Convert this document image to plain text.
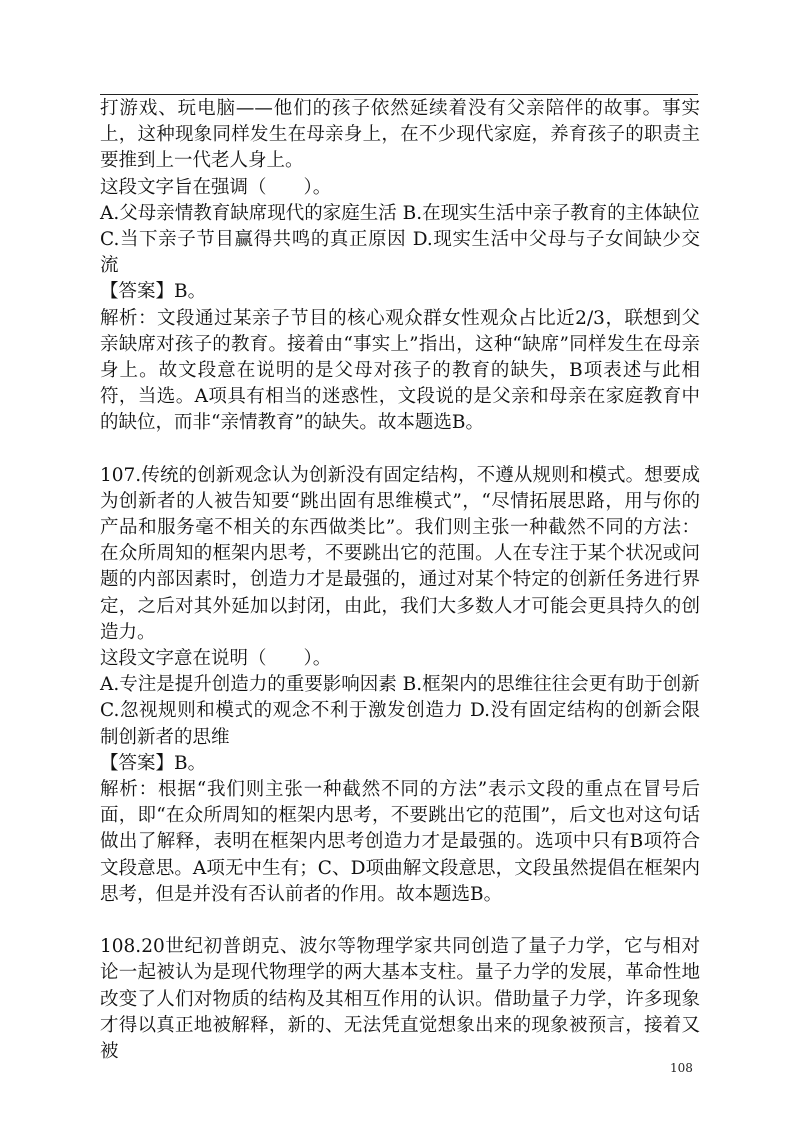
打游戏、玩电脑——他们的孩子依然延续着没有父亲陪伴的故事。事实上，这种现象同样发生在母亲身上，在不少现代家庭，养育孩子的职责主要推到上一代老人身上。

这段文字旨在强调（　　）。

A.父母亲情教育缺席现代的家庭生活 B.在现实生活中亲子教育的主体缺位

C.当下亲子节目赢得共鸣的真正原因 D.现实生活中父母与子女间缺少交流

【答案】B。

解析：文段通过某亲子节目的核心观众群女性观众占比近2/3，联想到父亲缺席对孩子的教育。接着由“事实上”指出，这种“缺席”同样发生在母亲身上。故文段意在说明的是父母对孩子的教育的缺失，B项表述与此相符，当选。A项具有相当的迷惑性，文段说的是父亲和母亲在家庭教育中的缺位，而非“亲情教育”的缺失。故本题选B。

107.传统的创新观念认为创新没有固定结构，不遵从规则和模式。想要成为创新者的人被告知要“跳出固有思维模式”，“尽情拓展思路，用与你的产品和服务毫不相关的东西做类比”。我们则主张一种截然不同的方法：在众所周知的框架内思考，不要跳出它的范围。人在专注于某个状况或问题的内部因素时，创造力才是最强的，通过对某个特定的创新任务进行界定，之后对其外延加以封闭，由此，我们大多数人才可能会更具持久的创造力。

这段文字意在说明（　　）。

A.专注是提升创造力的重要影响因素 B.框架内的思维往往会更有助于创新

C.忽视规则和模式的观念不利于激发创造力 D.没有固定结构的创新会限制创新者的思维

【答案】B。

解析：根据“我们则主张一种截然不同的方法”表示文段的重点在冒号后面，即“在众所周知的框架内思考，不要跳出它的范围”，后文也对这句话做出了解释，表明在框架内思考创造力才是最强的。选项中只有B项符合文段意思。A项无中生有；C、D项曲解文段意思，文段虽然提倡在框架内思考，但是并没有否认前者的作用。故本题选B。

108.20世纪初普朗克、波尔等物理学家共同创造了量子力学，它与相对论一起被认为是现代物理学的两大基本支柱。量子力学的发展，革命性地改变了人们对物质的结构及其相互作用的认识。借助量子力学，许多现象才得以真正地被解释，新的、无法凭直觉想象出来的现象被预言，接着又被

108
